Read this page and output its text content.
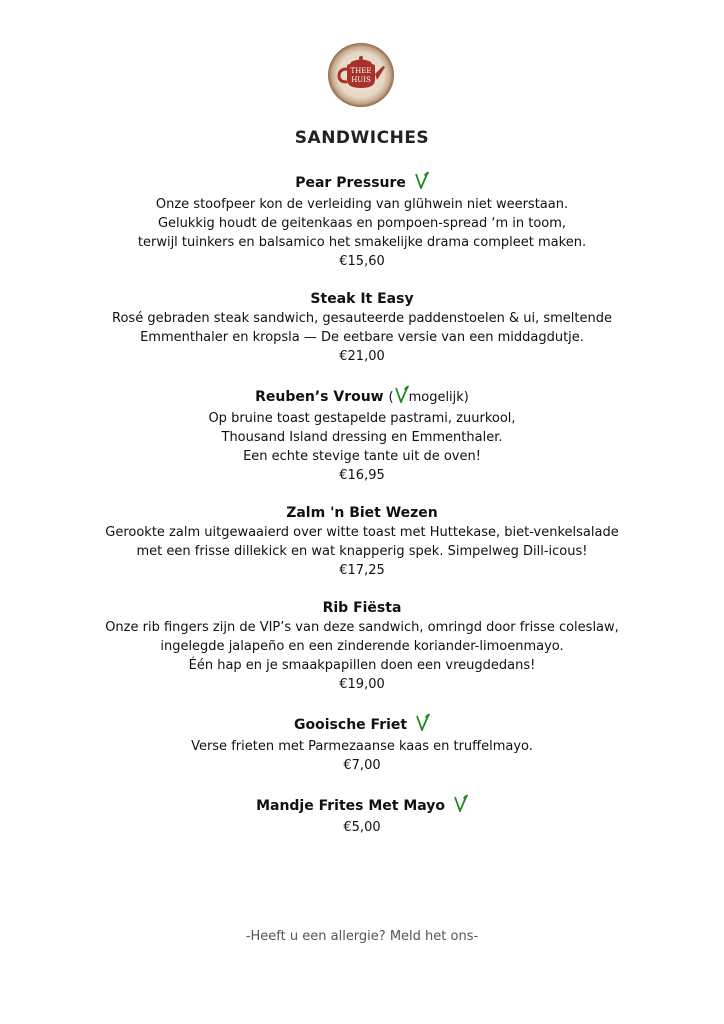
THEE
HUIS
SANDWICHES
Pear Pressure
Onze stoofpeer kon de verleiding van glühwein niet weerstaan.
Gelukkig houdt de geitenkaas en pompoen-spread ‘m in toom,
terwijl tuinkers en balsamico het smakelijke drama compleet maken.
€15,60
Steak It Easy
Rosé gebraden steak sandwich, gesauteerde paddenstoelen & ui, smeltende
Emmenthaler en kropsla — De eetbare versie van een middagdutje.
€21,00
Reuben’s Vrouw ( mogelijk)
Op bruine toast gestapelde pastrami, zuurkool,
Thousand Island dressing en Emmenthaler.
Een echte stevige tante uit de oven!
€16,95
Zalm 'n Biet Wezen
Gerookte zalm uitgewaaierd over witte toast met Huttekase, biet-venkelsalade
met een frisse dillekick en wat knapperig spek. Simpelweg Dill-icous!
€17,25
Rib Fiësta
Onze rib fingers zijn de VIP’s van deze sandwich, omringd door frisse coleslaw,
ingelegde jalapeño en een zinderende koriander-limoenmayo.
Één hap en je smaakpapillen doen een vreugdedans!
€19,00
Gooische Friet
Verse frieten met Parmezaanse kaas en truffelmayo.
€7,00
Mandje Frites Met Mayo
€5,00
-Heeft u een allergie? Meld het ons-
